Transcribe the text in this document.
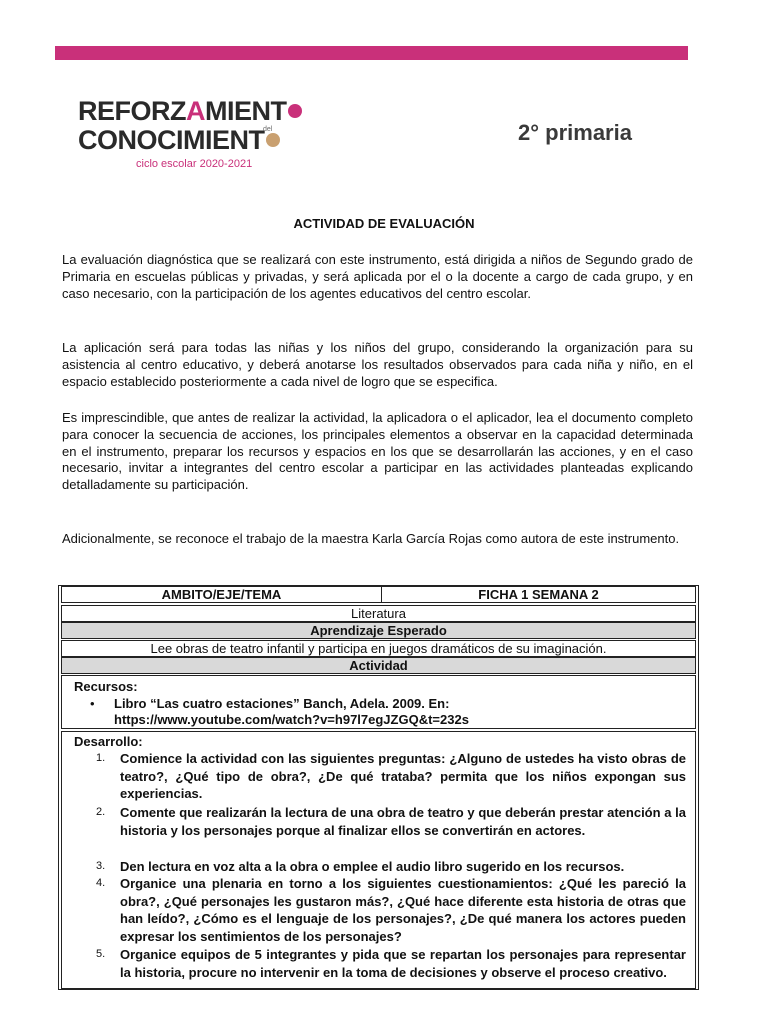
REFORZAMIENT
CONOCIMIENT
del
ciclo escolar 2020-2021
2° primaria
ACTIVIDAD DE EVALUACIÓN
La evaluación diagnóstica que se realizará con este instrumento, está dirigida a niños de Segundo grado de Primaria en escuelas públicas y privadas, y será aplicada por el o la docente a cargo de cada grupo, y en caso necesario, con la participación de los agentes educativos del centro escolar.
La aplicación será para todas las niñas y los niños del grupo, considerando la organización para su asistencia al centro educativo, y deberá anotarse los resultados observados para cada niña y niño, en el espacio establecido posteriormente a cada nivel de logro que se especifica.
Es imprescindible, que antes de realizar la actividad, la aplicadora o el aplicador, lea el documento completo para conocer la secuencia de acciones, los principales elementos a observar en la capacidad determinada en el instrumento, preparar los recursos y espacios en los que se desarrollarán las acciones, y en el caso necesario, invitar a integrantes del centro escolar a participar en las actividades planteadas explicando detalladamente su participación.
Adicionalmente, se reconoce el trabajo de la maestra Karla García Rojas como autora de este instrumento.
AMBITO/EJE/TEMA	FICHA 1 SEMANA 2
Literatura
Aprendizaje Esperado
Lee obras de teatro infantil y participa en juegos dramáticos de su imaginación.
Actividad
Recursos:
• Libro “Las cuatro estaciones” Banch, Adela. 2009. En: https://www.youtube.com/watch?v=h97l7egJZGQ&t=232s
Desarrollo:
1. Comience la actividad con las siguientes preguntas: ¿Alguno de ustedes ha visto obras de teatro?, ¿Qué tipo de obra?, ¿De qué trataba? permita que los niños expongan sus experiencias.
2. Comente que realizarán la lectura de una obra de teatro y que deberán prestar atención a la historia y los personajes porque al finalizar ellos se convertirán en actores.
3. Den lectura en voz alta a la obra o emplee el audio libro sugerido en los recursos.
4. Organice una plenaria en torno a los siguientes cuestionamientos: ¿Qué les pareció la obra?, ¿Qué personajes les gustaron más?, ¿Qué hace diferente esta historia de otras que han leído?, ¿Cómo es el lenguaje de los personajes?, ¿De qué manera los actores pueden expresar los sentimientos de los personajes?
5. Organice equipos de 5 integrantes y pida que se repartan los personajes para representar la historia, procure no intervenir en la toma de decisiones y observe el proceso creativo.
